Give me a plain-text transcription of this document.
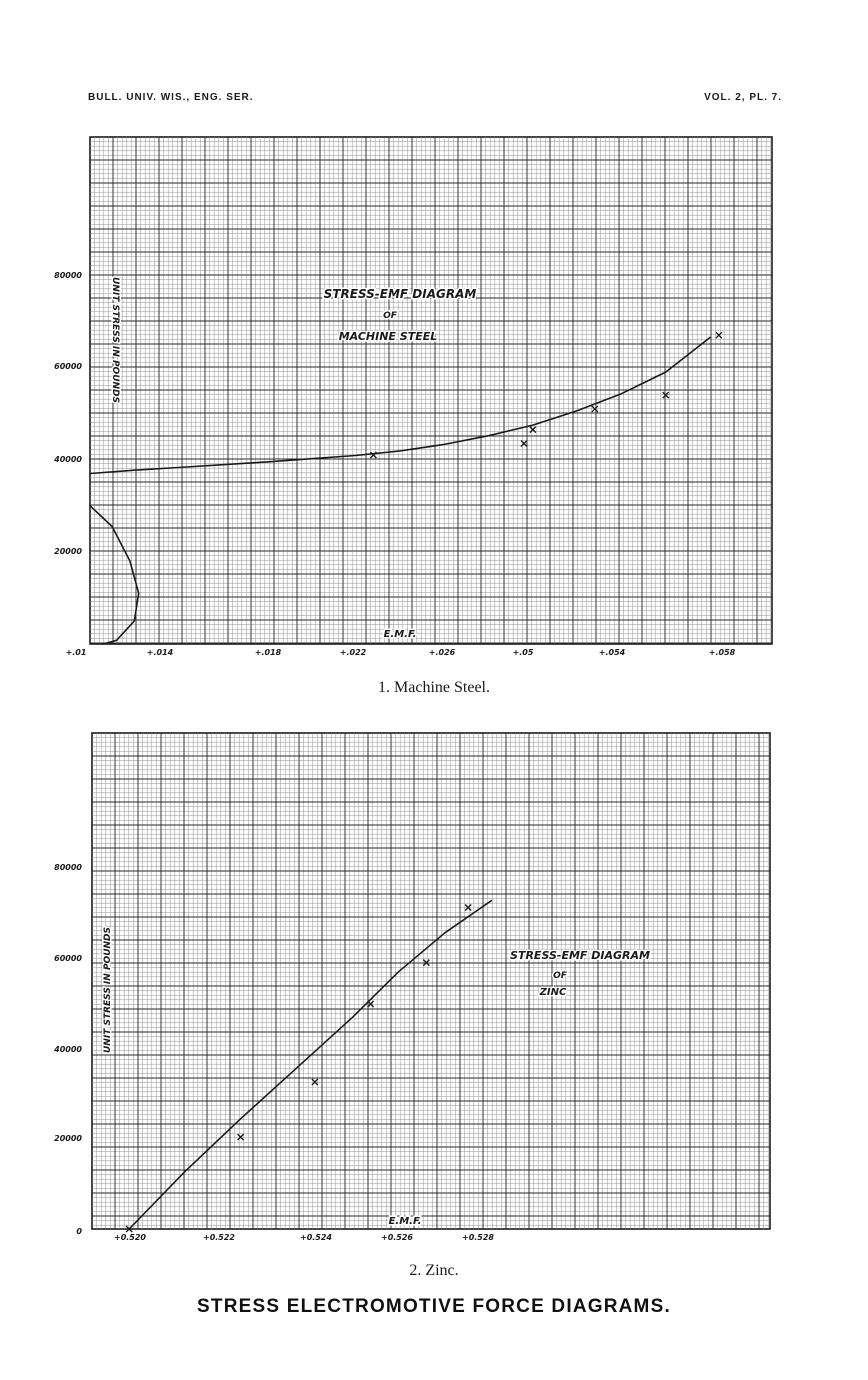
BULL. UNIV. WIS., ENG. SER.	VOL. 2, PL. 7.
20000
40000
60000
80000
+.01	+.014	+.018	+.022	+.026	+.05	+.054	+.058
STRESS-EMF DIAGRAM
OF
MACHINE STEEL
E.M.F.
UNIT STRESS IN POUNDS
1. Machine Steel.
0
20000
40000
60000
80000
+0.520	+0.522	+0.524	+0.526	+0.528
STRESS-EMF DIAGRAM
OF
ZINC
E.M.F.
UNIT STRESS IN POUNDS
2. Zinc.
STRESS ELECTROMOTIVE FORCE DIAGRAMS.
